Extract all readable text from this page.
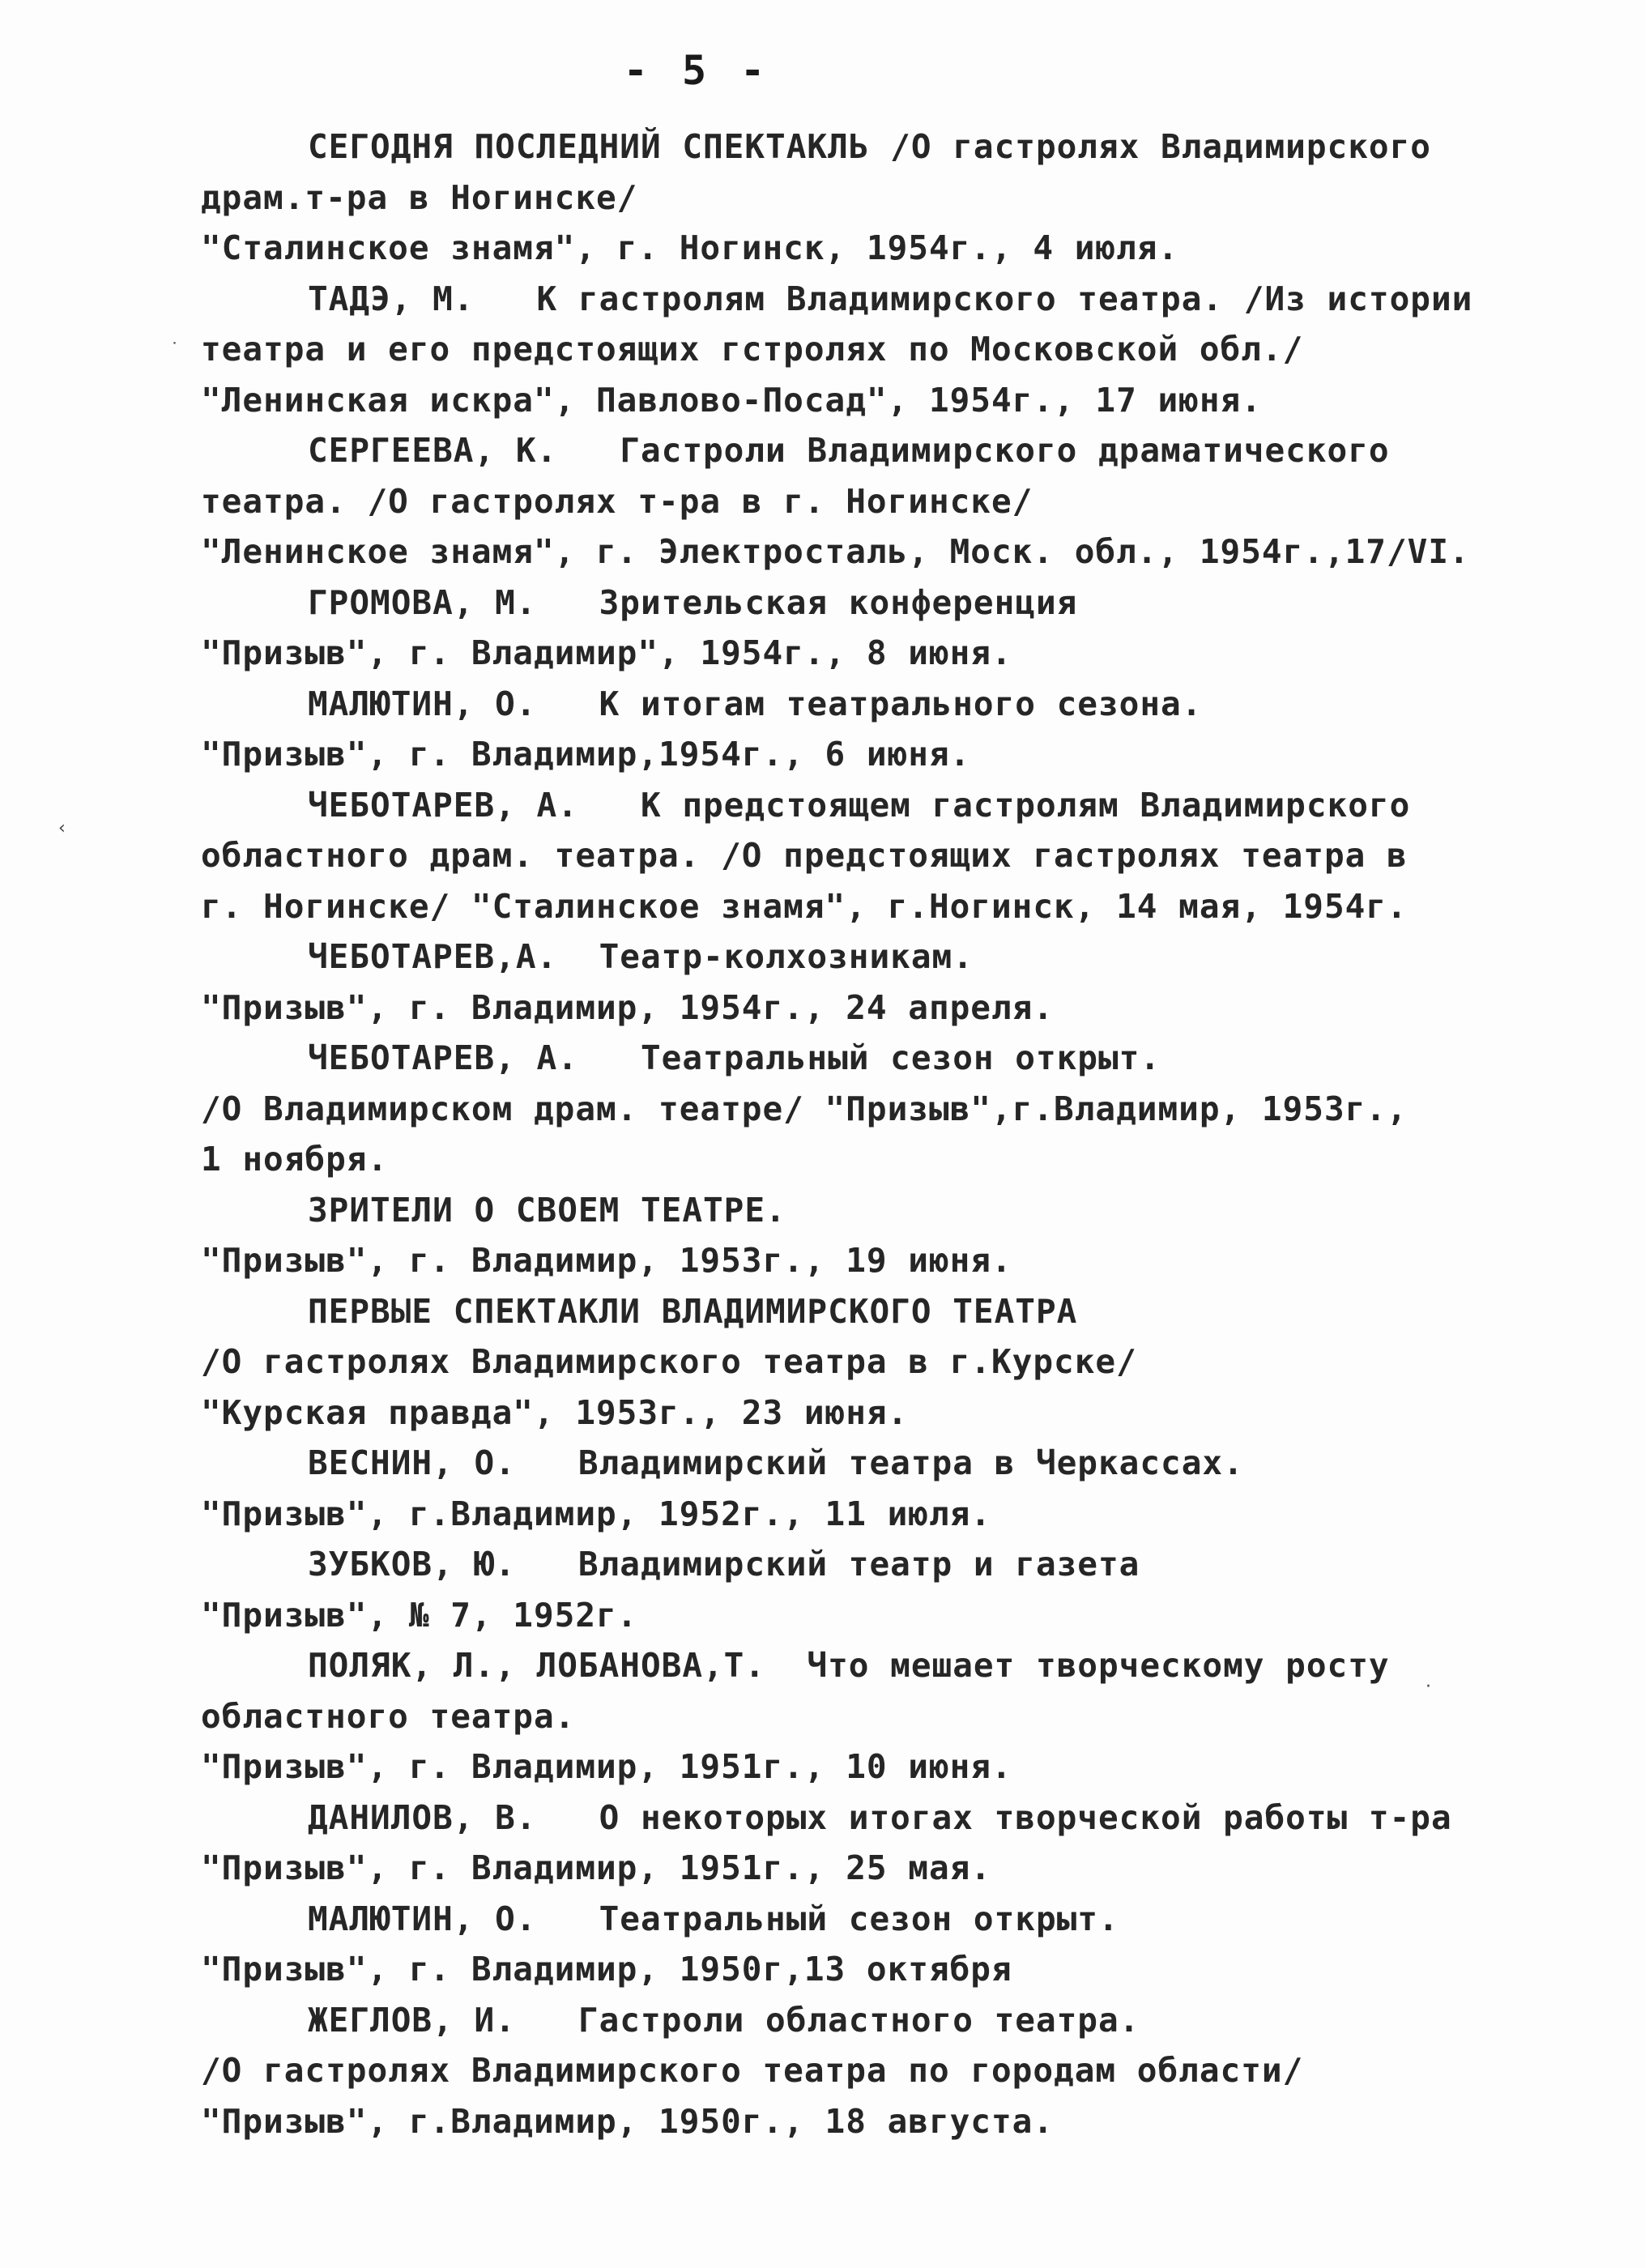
- 5 -
СЕГОДНЯ ПОСЛЕДНИЙ СПЕКТАКЛЬ /О гастролях Владимирского
драм.т-ра в Ногинске/
"Сталинское знамя", г. Ногинск, 1954г., 4 июля.
ТАДЭ, М.   К гастролям Владимирского театра. /Из истории
театра и его предстоящих гстролях по Московской обл./
"Ленинская искра", Павлово-Посад", 1954г., 17 июня.
СЕРГЕЕВА, К.   Гастроли Владимирского драматического
театра. /О гастролях т-ра в г. Ногинске/
"Ленинское знамя", г. Электросталь, Моск. обл., 1954г.,17/VI.
ГРОМОВА, М.   Зрительская конференция
"Призыв", г. Владимир", 1954г., 8 июня.
МАЛЮТИН, О.   К итогам театрального сезона.
"Призыв", г. Владимир,1954г., 6 июня.
ЧЕБОТАРЕВ, А.   К предстоящем гастролям Владимирского
областного драм. театра. /О предстоящих гастролях театра в
г. Ногинске/ "Сталинское знамя", г.Ногинск, 14 мая, 1954г.
ЧЕБОТАРЕВ,А.  Театр-колхозникам.
"Призыв", г. Владимир, 1954г., 24 апреля.
ЧЕБОТАРЕВ, А.   Театральный сезон открыт.
/О Владимирском драм. театре/ "Призыв",г.Владимир, 1953г.,
1 ноября.
ЗРИТЕЛИ О СВОЕМ ТЕАТРЕ.
"Призыв", г. Владимир, 1953г., 19 июня.
ПЕРВЫЕ СПЕКТАКЛИ ВЛАДИМИРСКОГО ТЕАТРА
/О гастролях Владимирского театра в г.Курске/
"Курская правда", 1953г., 23 июня.
ВЕСНИН, О.   Владимирский театра в Черкассах.
"Призыв", г.Владимир, 1952г., 11 июля.
ЗУБКОВ, Ю.   Владимирский театр и газета
"Призыв", № 7, 1952г.
ПОЛЯК, Л., ЛОБАНОВА,Т.  Что мешает творческому росту
областного театра.
"Призыв", г. Владимир, 1951г., 10 июня.
ДАНИЛОВ, В.   О некоторых итогах творческой работы т-ра
"Призыв", г. Владимир, 1951г., 25 мая.
МАЛЮТИН, О.   Театральный сезон открыт.
"Призыв", г. Владимир, 1950г,13 октября
ЖЕГЛОВ, И.   Гастроли областного театра.
/О гастролях Владимирского театра по городам области/
"Призыв", г.Владимир, 1950г., 18 августа.
‹
˙
·
